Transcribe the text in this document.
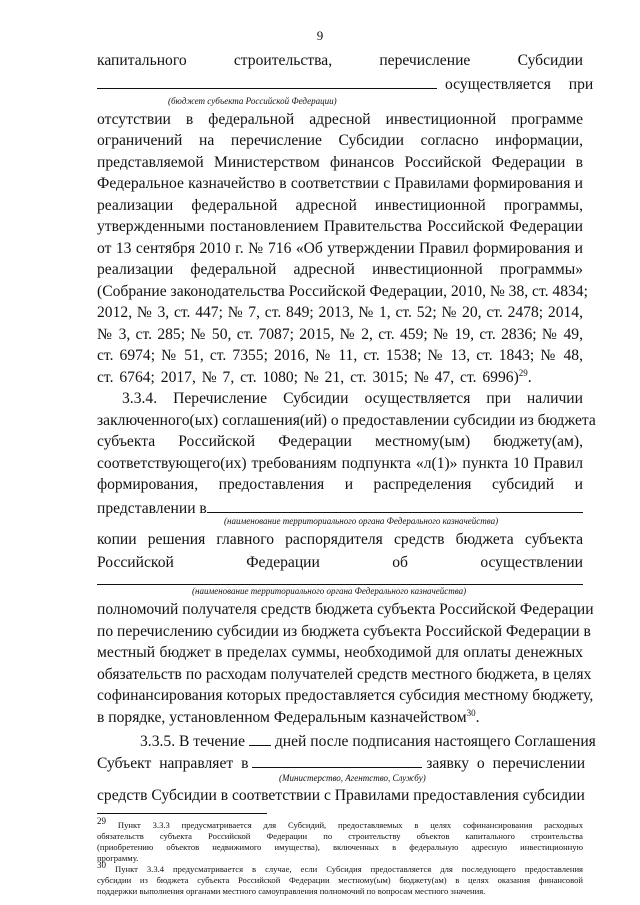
9
капитального строительства, перечисление Субсидии
осуществляется при
(бюджет субъекта Российской Федерации)
отсутствии в федеральной адресной инвестиционной программе
ограничений на перечисление Субсидии согласно информации,
представляемой Министерством финансов Российской Федерации в
Федеральное казначейство в соответствии с Правилами формирования и
реализации федеральной адресной инвестиционной программы,
утвержденными постановлением Правительства Российской Федерации
от 13 сентября 2010 г. № 716 «Об утверждении Правил формирования и
реализации федеральной адресной инвестиционной программы»
(Собрание законодательства Российской Федерации, 2010, № 38, ст. 4834;
2012, № 3, ст. 447; № 7, ст. 849; 2013, № 1, ст. 52; № 20, ст. 2478; 2014,
№ 3, ст. 285; № 50, ст. 7087; 2015, № 2, ст. 459; № 19, ст. 2836; № 49,
ст. 6974; № 51, ст. 7355; 2016, № 11, ст. 1538; № 13, ст. 1843; № 48,
ст. 6764; 2017, № 7, ст. 1080; № 21, ст. 3015; № 47, ст. 6996)$^{29}$.
3.3.4. Перечисление Субсидии осуществляется при наличии
заключенного(ых) соглашения(ий) о предоставлении субсидии из бюджета
субъекта Российской Федерации местному(ым) бюджету(ам),
соответствующего(их) требованиям подпункта «л(1)» пункта 10 Правил
формирования, предоставления и распределения субсидий и
представлении в
(наименование территориального органа Федерального казначейства)
копии решения главного распорядителя средств бюджета субъекта
Российской Федерации об осуществлении
(наименование территориального органа Федерального казначейства)
полномочий получателя средств бюджета субъекта Российской Федерации
по перечислению субсидии из бюджета субъекта Российской Федерации в
местный бюджет в пределах суммы, необходимой для оплаты денежных
обязательств по расходам получателей средств местного бюджета, в целях
софинансирования которых предоставляется субсидия местному бюджету,
в порядке, установленном Федеральным казначейством$^{30}$.
3.3.5. В течение дней после подписания настоящего Соглашения
Субъект направляет в	заявку о перечислении
(Министерство, Агентство, Службу)
средств Субсидии в соответствии с Правилами предоставления субсидии
$^{29}$ Пункт 3.3.3 предусматривается для Субсидий, предоставляемых в целях софинансирования расходных
обязательств субъекта Российской Федерации по строительству объектов капитального строительства
(приобретению объектов недвижимого имущества), включенных в федеральную адресную инвестиционную
программу.
$^{30}$ Пункт 3.3.4 предусматривается в случае, если Субсидия предоставляется для последующего предоставления
субсидии из бюджета субъекта Российской Федерации местному(ым) бюджету(ам) в целях оказания финансовой
поддержки выполнения органами местного самоуправления полномочий по вопросам местного значения.
